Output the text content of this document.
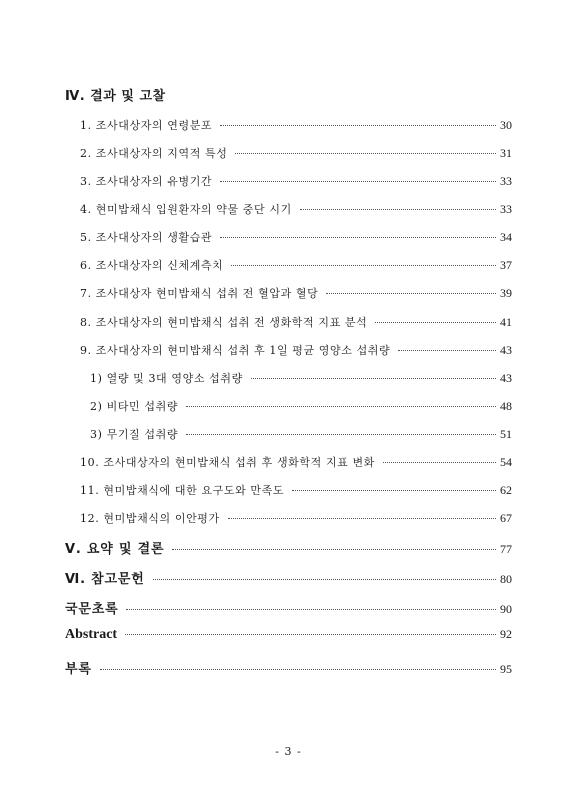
Ⅳ. 결과 및 고찰
1. 조사대상자의 연령분포	30
2. 조사대상자의 지역적 특성	31
3. 조사대상자의 유병기간	33
4. 현미밥채식 입원환자의 약물 중단 시기	33
5. 조사대상자의 생활습관	34
6. 조사대상자의 신체계측치	37
7. 조사대상자 현미밥채식 섭취 전 혈압과 혈당	39
8. 조사대상자의 현미밥채식 섭취 전 생화학적 지표 분석	41
9. 조사대상자의 현미밥채식 섭취 후 1일 평균 영양소 섭취량	43
1) 열량 및 3대 영양소 섭취량	43
2) 비타민 섭취량	48
3) 무기질 섭취량	51
10. 조사대상자의 현미밥채식 섭취 후 생화학적 지표 변화	54
11. 현미밥채식에 대한 요구도와 만족도	62
12. 현미밥채식의 이안평가	67
Ⅴ. 요약 및 결론	77
Ⅵ. 참고문헌	80
국문초록	90
Abstract	92
부록	95
- 3 -
